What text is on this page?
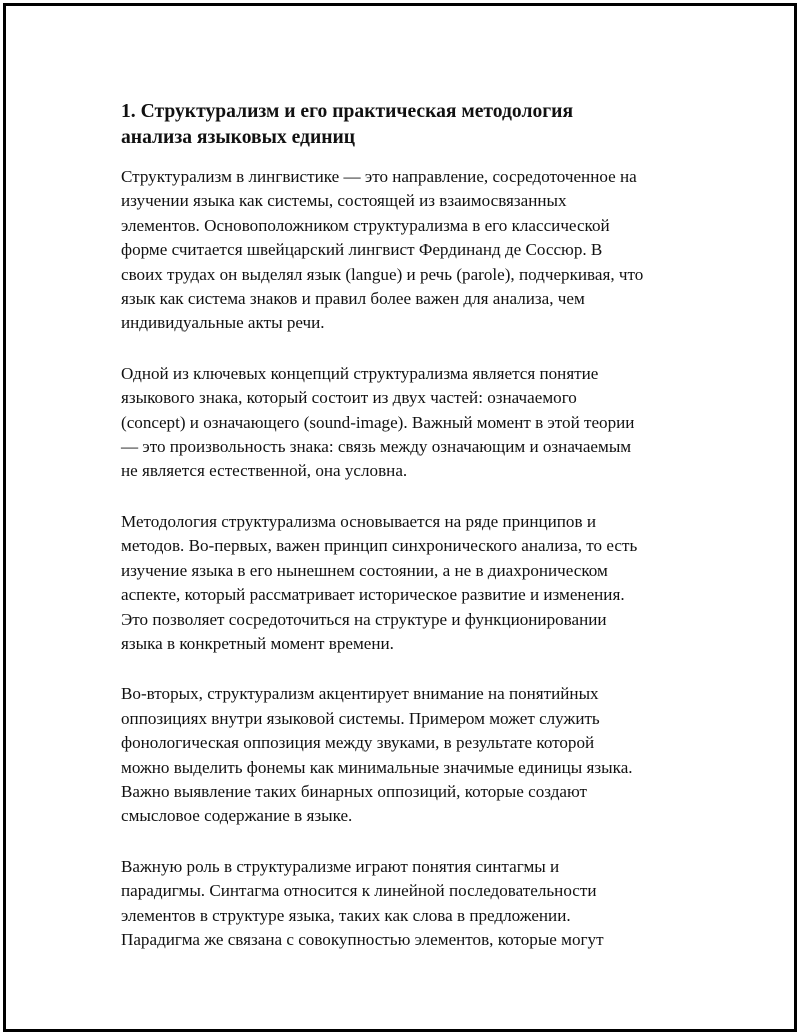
1. Структурализм и его практическая методология
анализа языковых единиц

Структурализм в лингвистике — это направление, сосредоточенное на
изучении языка как системы, состоящей из взаимосвязанных
элементов. Основоположником структурализма в его классической
форме считается швейцарский лингвист Фердинанд де Соссюр. В
своих трудах он выделял язык (langue) и речь (parole), подчеркивая, что
язык как система знаков и правил более важен для анализа, чем
индивидуальные акты речи.

Одной из ключевых концепций структурализма является понятие
языкового знака, который состоит из двух частей: означаемого
(concept) и означающего (sound-image). Важный момент в этой теории
— это произвольность знака: связь между означающим и означаемым
не является естественной, она условна.

Методология структурализма основывается на ряде принципов и
методов. Во-первых, важен принцип синхронического анализа, то есть
изучение языка в его нынешнем состоянии, а не в диахроническом
аспекте, который рассматривает историческое развитие и изменения.
Это позволяет сосредоточиться на структуре и функционировании
языка в конкретный момент времени.

Во-вторых, структурализм акцентирует внимание на понятийных
оппозициях внутри языковой системы. Примером может служить
фонологическая оппозиция между звуками, в результате которой
можно выделить фонемы как минимальные значимые единицы языка.
Важно выявление таких бинарных оппозиций, которые создают
смысловое содержание в языке.

Важную роль в структурализме играют понятия синтагмы и
парадигмы. Синтагма относится к линейной последовательности
элементов в структуре языка, таких как слова в предложении.
Парадигма же связана с совокупностью элементов, которые могут
